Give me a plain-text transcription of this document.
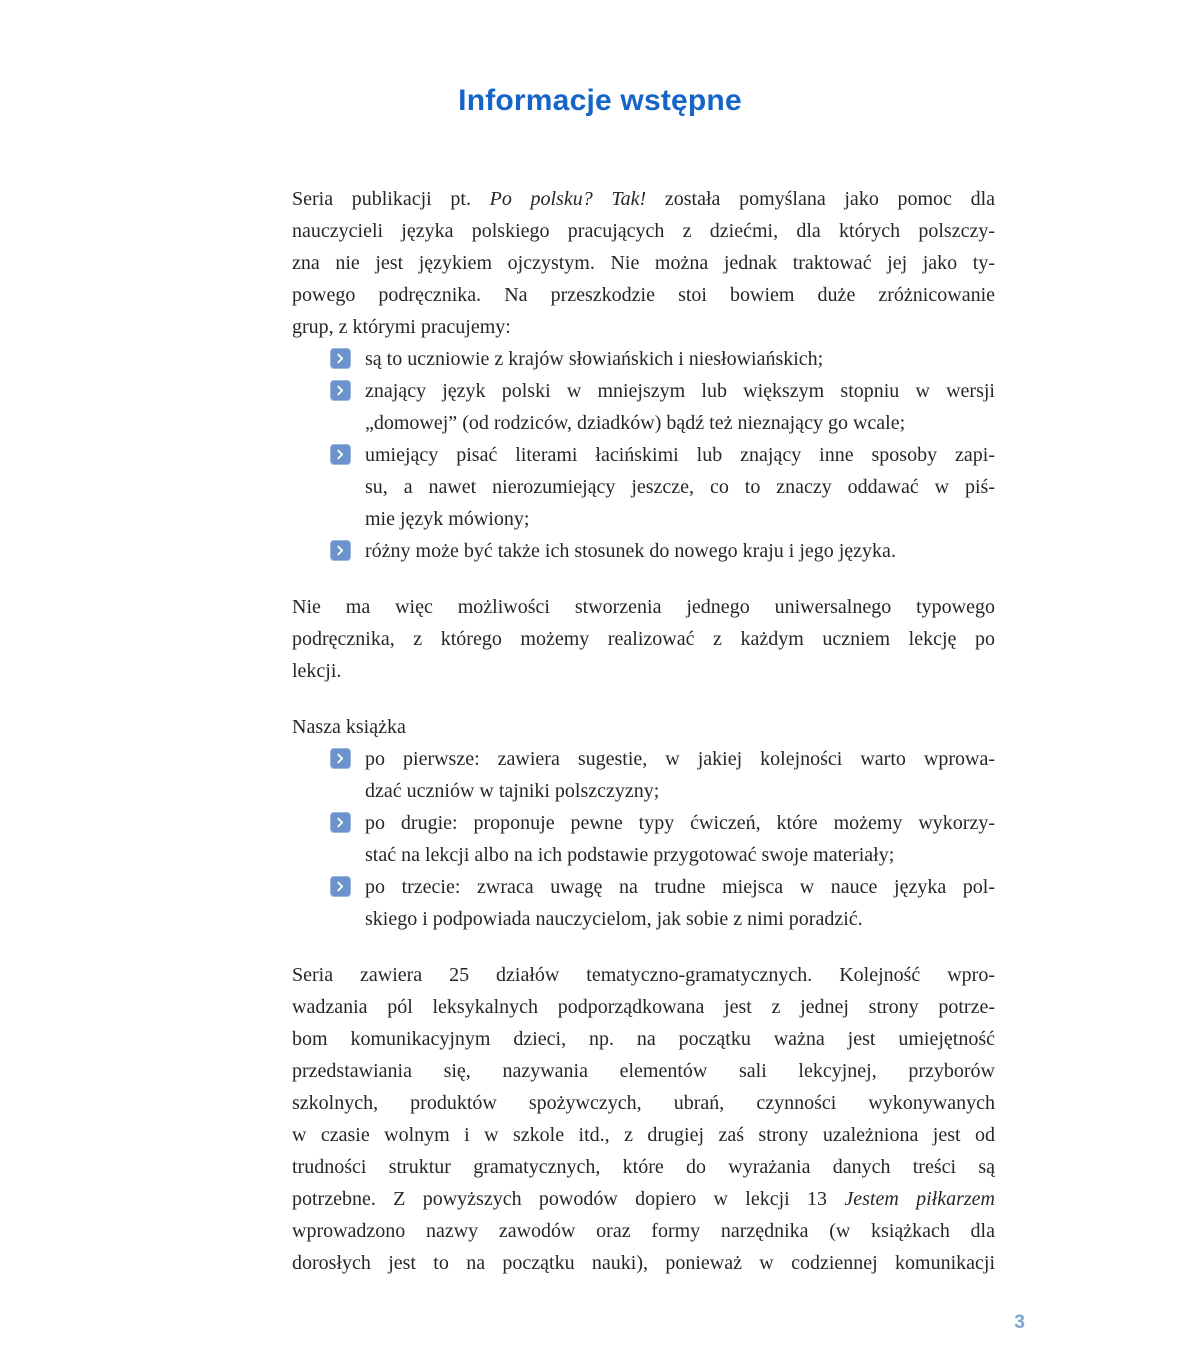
Informacje wstępne
Seria publikacji pt. Po polsku? Tak! została pomyślana jako pomoc dla
nauczycieli języka polskiego pracujących z dziećmi, dla których polszczy-
zna nie jest językiem ojczystym. Nie można jednak traktować jej jako ty-
powego podręcznika. Na przeszkodzie stoi bowiem duże zróżnicowanie
grup, z którymi pracujemy:
są to uczniowie z krajów słowiańskich i niesłowiańskich;
znający język polski w mniejszym lub większym stopniu w wersji
„domowej” (od rodziców, dziadków) bądź też nieznający go wcale;
umiejący pisać literami łacińskimi lub znający inne sposoby zapi-
su, a nawet nierozumiejący jeszcze, co to znaczy oddawać w piś-
mie język mówiony;
różny może być także ich stosunek do nowego kraju i jego języka.
Nie ma więc możliwości stworzenia jednego uniwersalnego typowego
podręcznika, z którego możemy realizować z każdym uczniem lekcję po
lekcji.
Nasza książka
po pierwsze: zawiera sugestie, w jakiej kolejności warto wprowa-
dzać uczniów w tajniki polszczyzny;
po drugie: proponuje pewne typy ćwiczeń, które możemy wykorzy-
stać na lekcji albo na ich podstawie przygotować swoje materiały;
po trzecie: zwraca uwagę na trudne miejsca w nauce języka pol-
skiego i podpowiada nauczycielom, jak sobie z nimi poradzić.
Seria zawiera 25 działów tematyczno-gramatycznych. Kolejność wpro-
wadzania pól leksykalnych podporządkowana jest z jednej strony potrze-
bom komunikacyjnym dzieci, np. na początku ważna jest umiejętność
przedstawiania się, nazywania elementów sali lekcyjnej, przyborów
szkolnych, produktów spożywczych, ubrań, czynności wykonywanych
w czasie wolnym i w szkole itd., z drugiej zaś strony uzależniona jest od
trudności struktur gramatycznych, które do wyrażania danych treści są
potrzebne. Z powyższych powodów dopiero w lekcji 13 Jestem piłkarzem
wprowadzono nazwy zawodów oraz formy narzędnika (w książkach dla
dorosłych jest to na początku nauki), ponieważ w codziennej komunikacji
3
